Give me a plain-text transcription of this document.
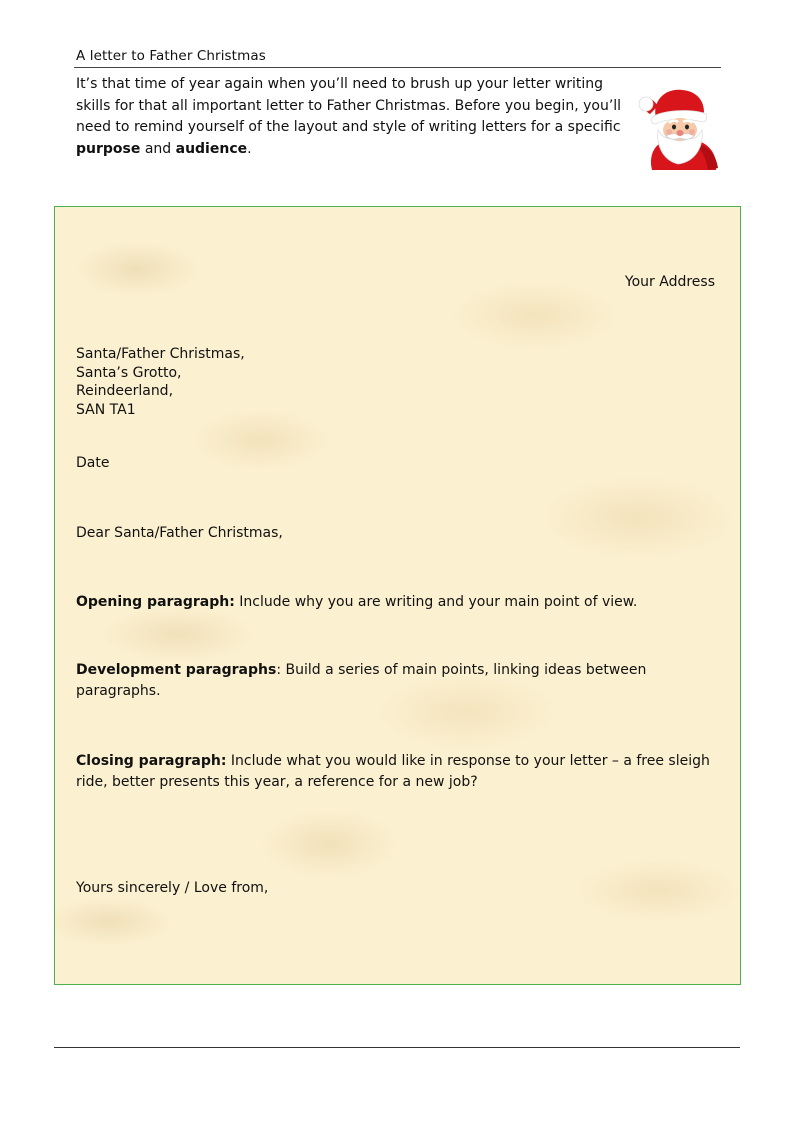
A letter to Father Christmas
It’s that time of year again when you’ll need to brush up your letter writing skills for that all important letter to Father Christmas. Before you begin, you’ll need to remind yourself of the layout and style of writing letters for a specific purpose and audience.
Your Address
Santa/Father Christmas,
Santa’s Grotto,
Reindeerland,
SAN TA1
Date
Dear Santa/Father Christmas,
Opening paragraph: Include why you are writing and your main point of view.
Development paragraphs: Build a series of main points, linking ideas between paragraphs.
Closing paragraph: Include what you would like in response to your letter – a free sleigh ride, better presents this year, a reference for a new job?
Yours sincerely / Love from,
